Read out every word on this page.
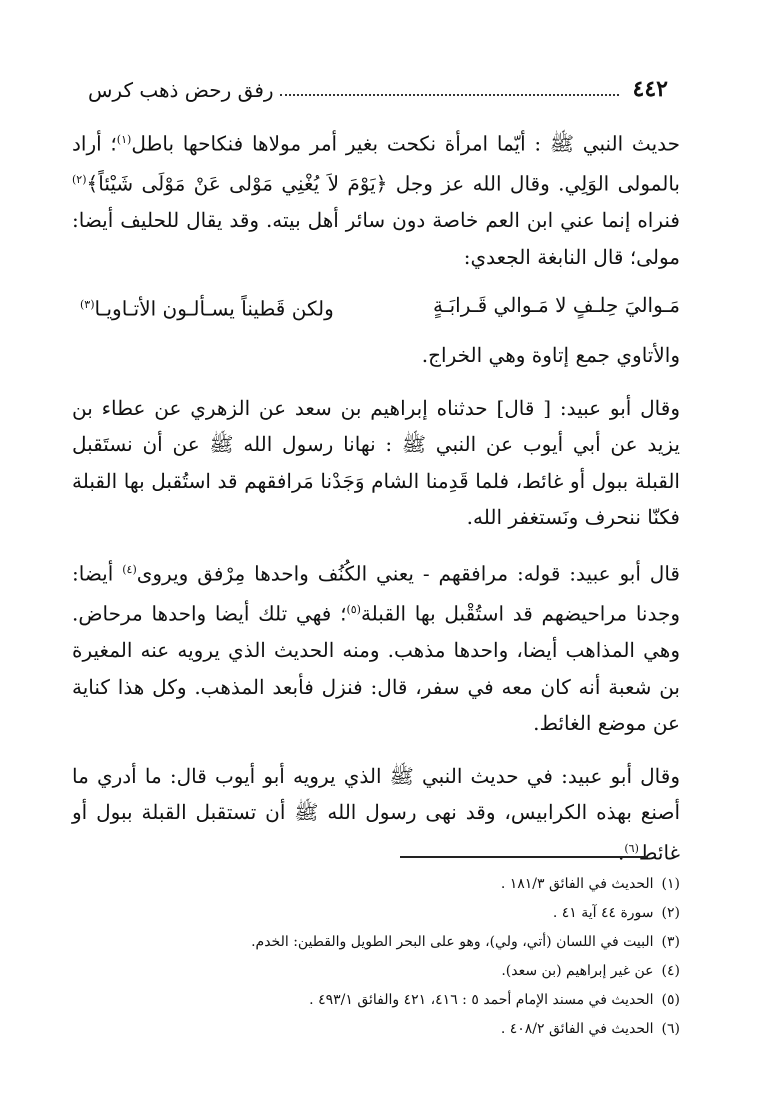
٤٤٢
رفق رحض ذهب كرس

حديث النبي ﷺ : أيّما امرأة نكحت بغير أمر مولاها فنكاحها باطل$^{(١)}$؛ أراد بالمولى الوَلِي. وقال الله عز وجل ﴿يَوْمَ لاَ يُغْنِي مَوْلى عَنْ مَوْلَى شَيْئاً﴾$^{(٢)}$ فنراه إنما عني ابن العم خاصة دون سائر أهل بيته. وقد يقال للحليف أيضا: مولى؛ قال النابغة الجعدي:

مَـواليَ حِلـفٍ لا مَـوالي قَـرابَـةٍ
ولكن قَطيناً يسـألـون الأتـاويـا$^{(٣)}$

والأتاوي جمع إتاوة وهي الخراج.

وقال أبو عبيد: [ قال] حدثناه إبراهيم بن سعد عن الزهري عن عطاء بن يزيد عن أبي أيوب عن النبي ﷺ : نهانا رسول الله ﷺ عن أن نستَقبل القبلة ببول أو غائط، فلما قَدِمنا الشام وَجَدْنا مَرافقهم قد استُقبل بها القبلة فكنّا ننحرف ونَستغفر الله.

قال أبو عبيد: قوله: مرافقهم - يعني الكُنُف واحدها مِرْفق ويروى$^{(٤)}$ أيضا: وجدنا مراحيضهم قد استُقْبل بها القبلة$^{(٥)}$؛ فهي تلك أيضا واحدها مرحاض. وهي المذاهب أيضا، واحدها مذهب. ومنه الحديث الذي يرويه عنه المغيرة بن شعبة أنه كان معه في سفر، قال: فنزل فأبعد المذهب. وكل هذا كناية عن موضع الغائط.

وقال أبو عبيد: في حديث النبي ﷺ الذي يرويه أبو أيوب قال: ما أدري ما أصنع بهذه الكرابيس، وقد نهى رسول الله ﷺ أن تستقبل القبلة ببول أو غائط$^{(٦)}$.

(١)الحديث في الفائق ١٨١/٣ .
(٢)سورة ٤٤ آية ٤١ .
(٣)البيت في اللسان (أتي، ولي)، وهو على البحر الطويل والقطين: الخدم.
(٤)عن غير إبراهيم (بن سعد).
(٥)الحديث في مسند الإمام أحمد ٥ : ٤١٦، ٤٢١ والفائق ٤٩٣/١ .
(٦)الحديث في الفائق ٤٠٨/٢ .
